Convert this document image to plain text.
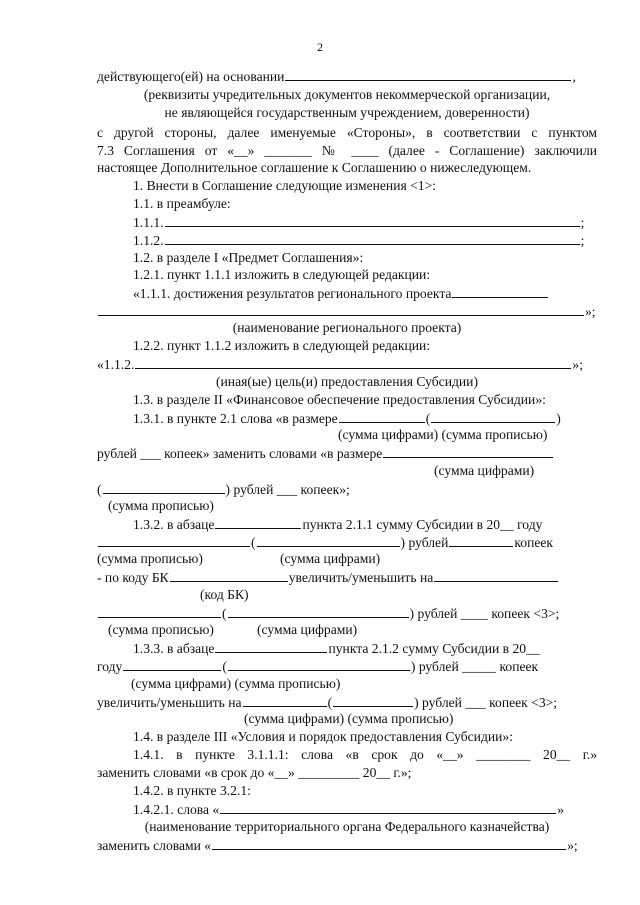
2
действующего(ей) на основании	,
(реквизиты учредительных документов некоммерческой организации,
не являющейся государственным учреждением, доверенности)
с другой стороны, далее именуемые «Стороны», в соответствии с пунктом
7.3 Соглашения от «__» _______ № ____ (далее - Соглашение) заключили
настоящее Дополнительное соглашение к Соглашению о нижеследующем.
1. Внести в Соглашение следующие изменения <1>:
1.1. в преамбуле:
1.1.1.	;
1.1.2.	;
1.2. в разделе I «Предмет Соглашения»:
1.2.1. пункт 1.1.1 изложить в следующей редакции:
«1.1.1. достижения результатов регионального проекта
»;
(наименование регионального проекта)
1.2.2. пункт 1.1.2 изложить в следующей редакции:
«1.1.2.	»;
(иная(ые) цель(и) предоставления Субсидии)
1.3. в разделе II «Финансовое обеспечение предоставления Субсидии»:
1.3.1. в пункте 2.1 слова «в размере	(	)
(сумма цифрами) (сумма прописью)
рублей ___ копеек» заменить словами «в размере
(сумма цифрами)
(	) рублей ___ копеек»;
(сумма прописью)
1.3.2. в абзаце	пункта 2.1.1 сумму Субсидии в 20__ году
(	) рублей	копеек
(сумма прописью)	(сумма цифрами)
- по коду БК	увеличить/уменьшить на
(код БК)
(	) рублей ____ копеек <3>;
(сумма прописью)	(сумма цифрами)
1.3.3. в абзаце	пункта 2.1.2 сумму Субсидии в 20__
году	(	) рублей _____ копеек
(сумма цифрами) (сумма прописью)
увеличить/уменьшить на	(	) рублей ___ копеек <3>;
(сумма цифрами) (сумма прописью)
1.4. в разделе III «Условия и порядок предоставления Субсидии»:
1.4.1. в пункте 3.1.1.1: слова «в срок до «__» ________ 20__ г.»
заменить словами «в срок до «__» _________ 20__ г.»;
1.4.2. в пункте 3.2.1:
1.4.2.1. слова «	»
(наименование территориального органа Федерального казначейства)
заменить словами «	»;
